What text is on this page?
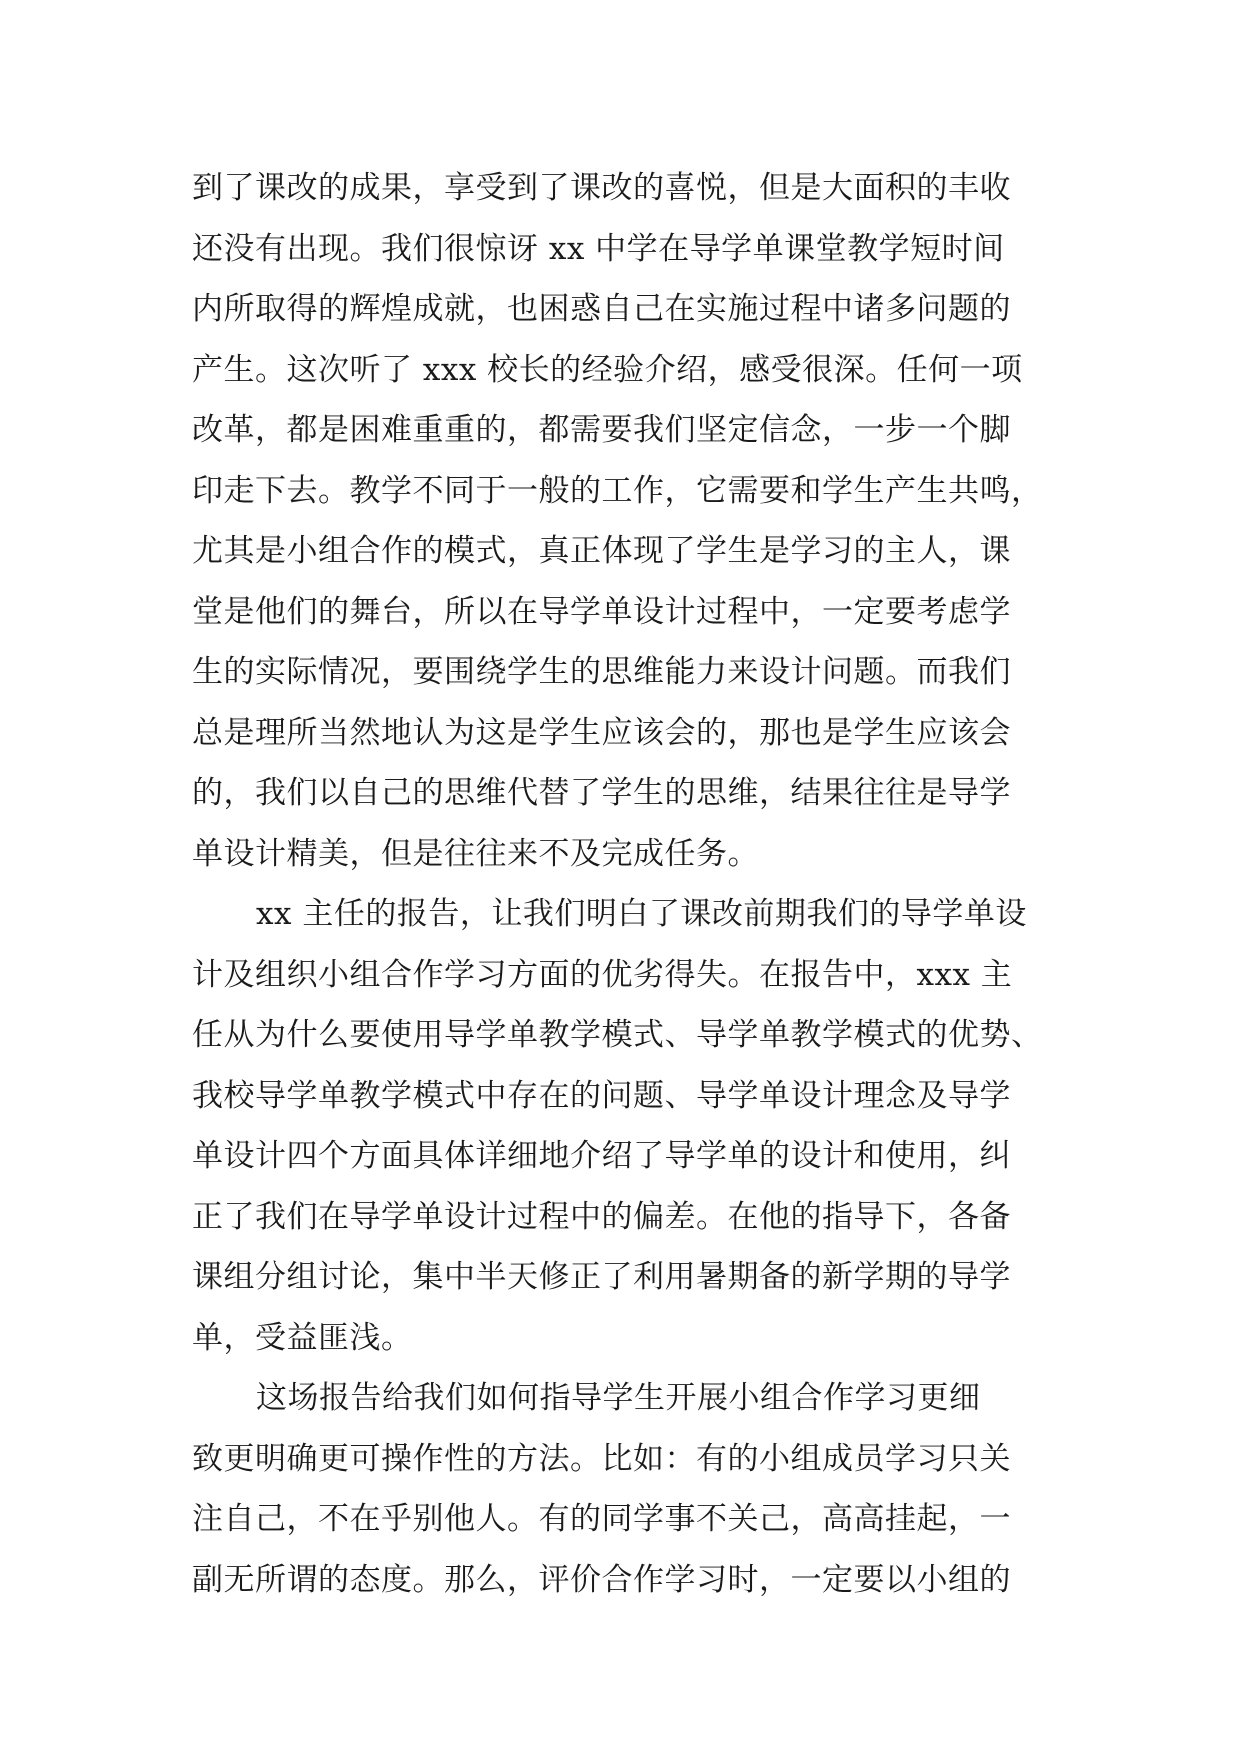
到了课改的成果，享受到了课改的喜悦，但是大面积的丰收
还没有出现。我们很惊讶 xx 中学在导学单课堂教学短时间
内所取得的辉煌成就，也困惑自己在实施过程中诸多问题的
产生。这次听了 xxx 校长的经验介绍，感受很深。任何一项
改革，都是困难重重的，都需要我们坚定信念，一步一个脚
印走下去。教学不同于一般的工作，它需要和学生产生共鸣，
尤其是小组合作的模式，真正体现了学生是学习的主人，课
堂是他们的舞台，所以在导学单设计过程中，一定要考虑学
生的实际情况，要围绕学生的思维能力来设计问题。而我们
总是理所当然地认为这是学生应该会的，那也是学生应该会
的，我们以自己的思维代替了学生的思维，结果往往是导学
单设计精美，但是往往来不及完成任务。
xx 主任的报告，让我们明白了课改前期我们的导学单设
计及组织小组合作学习方面的优劣得失。在报告中，xxx 主
任从为什么要使用导学单教学模式、导学单教学模式的优势、
我校导学单教学模式中存在的问题、导学单设计理念及导学
单设计四个方面具体详细地介绍了导学单的设计和使用，纠
正了我们在导学单设计过程中的偏差。在他的指导下，各备
课组分组讨论，集中半天修正了利用暑期备的新学期的导学
单，受益匪浅。
这场报告给我们如何指导学生开展小组合作学习更细
致更明确更可操作性的方法。比如：有的小组成员学习只关
注自己，不在乎别他人。有的同学事不关己，高高挂起，一
副无所谓的态度。那么，评价合作学习时，一定要以小组的
